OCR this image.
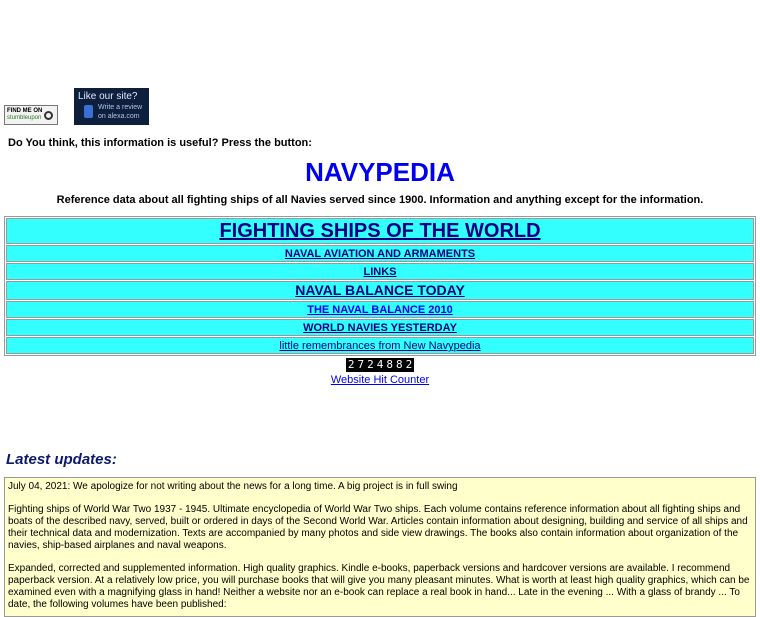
FIND ME ON
stumbleupon
Like our site?
Write a review on alexa.com
Do You think, this information is useful? Press the button:
NAVYPEDIA
Reference data about all fighting ships of all Navies served since 1900. Information and anything except for the information.
FIGHTING SHIPS OF THE WORLD
NAVAL AVIATION AND ARMAMENTS
LINKS
NAVAL BALANCE TODAY
THE NAVAL BALANCE 2010
WORLD NAVIES YESTERDAY
little remembrances from New Navypedia
2 7 2 4 8 8 2
Website Hit Counter
Latest updates:

July 04, 2021: We apologize for not writing about the news for a long time. A big project is in full swing

Fighting ships of World War Two 1937 - 1945. Ultimate encyclopedia of World War Two ships. Each volume contains reference information about all fighting ships and boats of the described navy, served, built or ordered in days of the Second World War. Articles contain information about designing, building and service of all ships and their technical data and modernization. Texts are accompanied by many photos and side view drawings. The books also contain information about organization of the navies, ship-based airplanes and naval weapons.

Expanded, corrected and supplemented information. High quality graphics. Kindle e-books, paperback versions and hardcover versions are available. I recommend paperback version. At a relatively low price, you will purchase books that will give you many pleasant minutes. What is worth at least high quality graphics, which can be examined even with a magnifying glass in hand! Neither a website nor an e-book can replace a real book in hand... Late in the evening ... With a glass of brandy ... To date, the following volumes have been published:
